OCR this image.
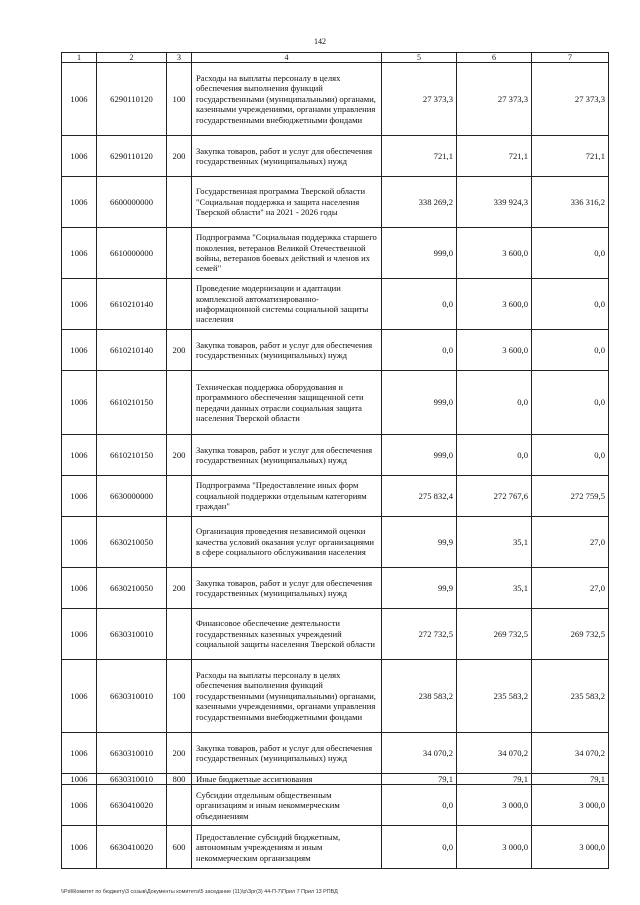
142
1	2	3	4	5	6	7
1006	6290110120	100	Расходы на выплаты персоналу в целях обеспечения выполнения функций государственными (муниципальными) органами, казенными учреждениями, органами управления государственными внебюджетными фондами	27 373,3	27 373,3	27 373,3
1006	6290110120	200	Закупка товаров, работ и услуг для обеспечения государственных (муниципальных) нужд	721,1	721,1	721,1
1006	6600000000		Государственная программа Тверской области "Социальная поддержка и защита населения Тверской области" на 2021 - 2026 годы	338 269,2	339 924,3	336 316,2
1006	6610000000		Подпрограмма "Социальная поддержка старшего поколения, ветеранов Великой Отечественной войны, ветеранов боевых действий и членов их семей"	999,0	3 600,0	0,0
1006	6610210140		Проведение модернизации и адаптации комплексной автоматизированно-информационной системы социальной защиты населения	0,0	3 600,0	0,0
1006	6610210140	200	Закупка товаров, работ и услуг для обеспечения государственных (муниципальных) нужд	0,0	3 600,0	0,0
1006	6610210150		Техническая поддержка оборудования и программного обеспечения защищенной сети передачи данных отрасли социальная защита населения Тверской области	999,0	0,0	0,0
1006	6610210150	200	Закупка товаров, работ и услуг для обеспечения государственных (муниципальных) нужд	999,0	0,0	0,0
1006	6630000000		Подпрограмма "Предоставление иных форм социальной поддержки отдельным категориям граждан"	275 832,4	272 767,6	272 759,5
1006	6630210050		Организация проведения независимой оценки качества условий оказания услуг организациями в сфере социального обслуживания населения	99,9	35,1	27,0
1006	6630210050	200	Закупка товаров, работ и услуг для обеспечения государственных (муниципальных) нужд	99,9	35,1	27,0
1006	6630310010		Финансовое обеспечение деятельности государственных казенных учреждений социальной защиты населения Тверской области	272 732,5	269 732,5	269 732,5
1006	6630310010	100	Расходы на выплаты персоналу в целях обеспечения выполнения функций государственными (муниципальными) органами, казенными учреждениями, органами управления государственными внебюджетными фондами	238 583,2	235 583,2	235 583,2
1006	6630310010	200	Закупка товаров, работ и услуг для обеспечения государственных (муниципальных) нужд	34 070,2	34 070,2	34 070,2
1006	6630310010	800	Иные бюджетные ассигнования	79,1	79,1	79,1
1006	6630410020		Субсидии отдельным общественным организациям и иным некоммерческим объединениям	0,0	3 000,0	3 000,0
1006	6630410020	600	Предоставление субсидий бюджетным, автономным учреждениям и иным некоммерческим организациям	0,0	3 000,0	3 000,0
\\Pdi\Комитет по бюджету\3 созыв\Документы комитета\5 заседание (11)\р\Зрг(3) 44-П-7\Прил 7 Прил 13 РПВД
